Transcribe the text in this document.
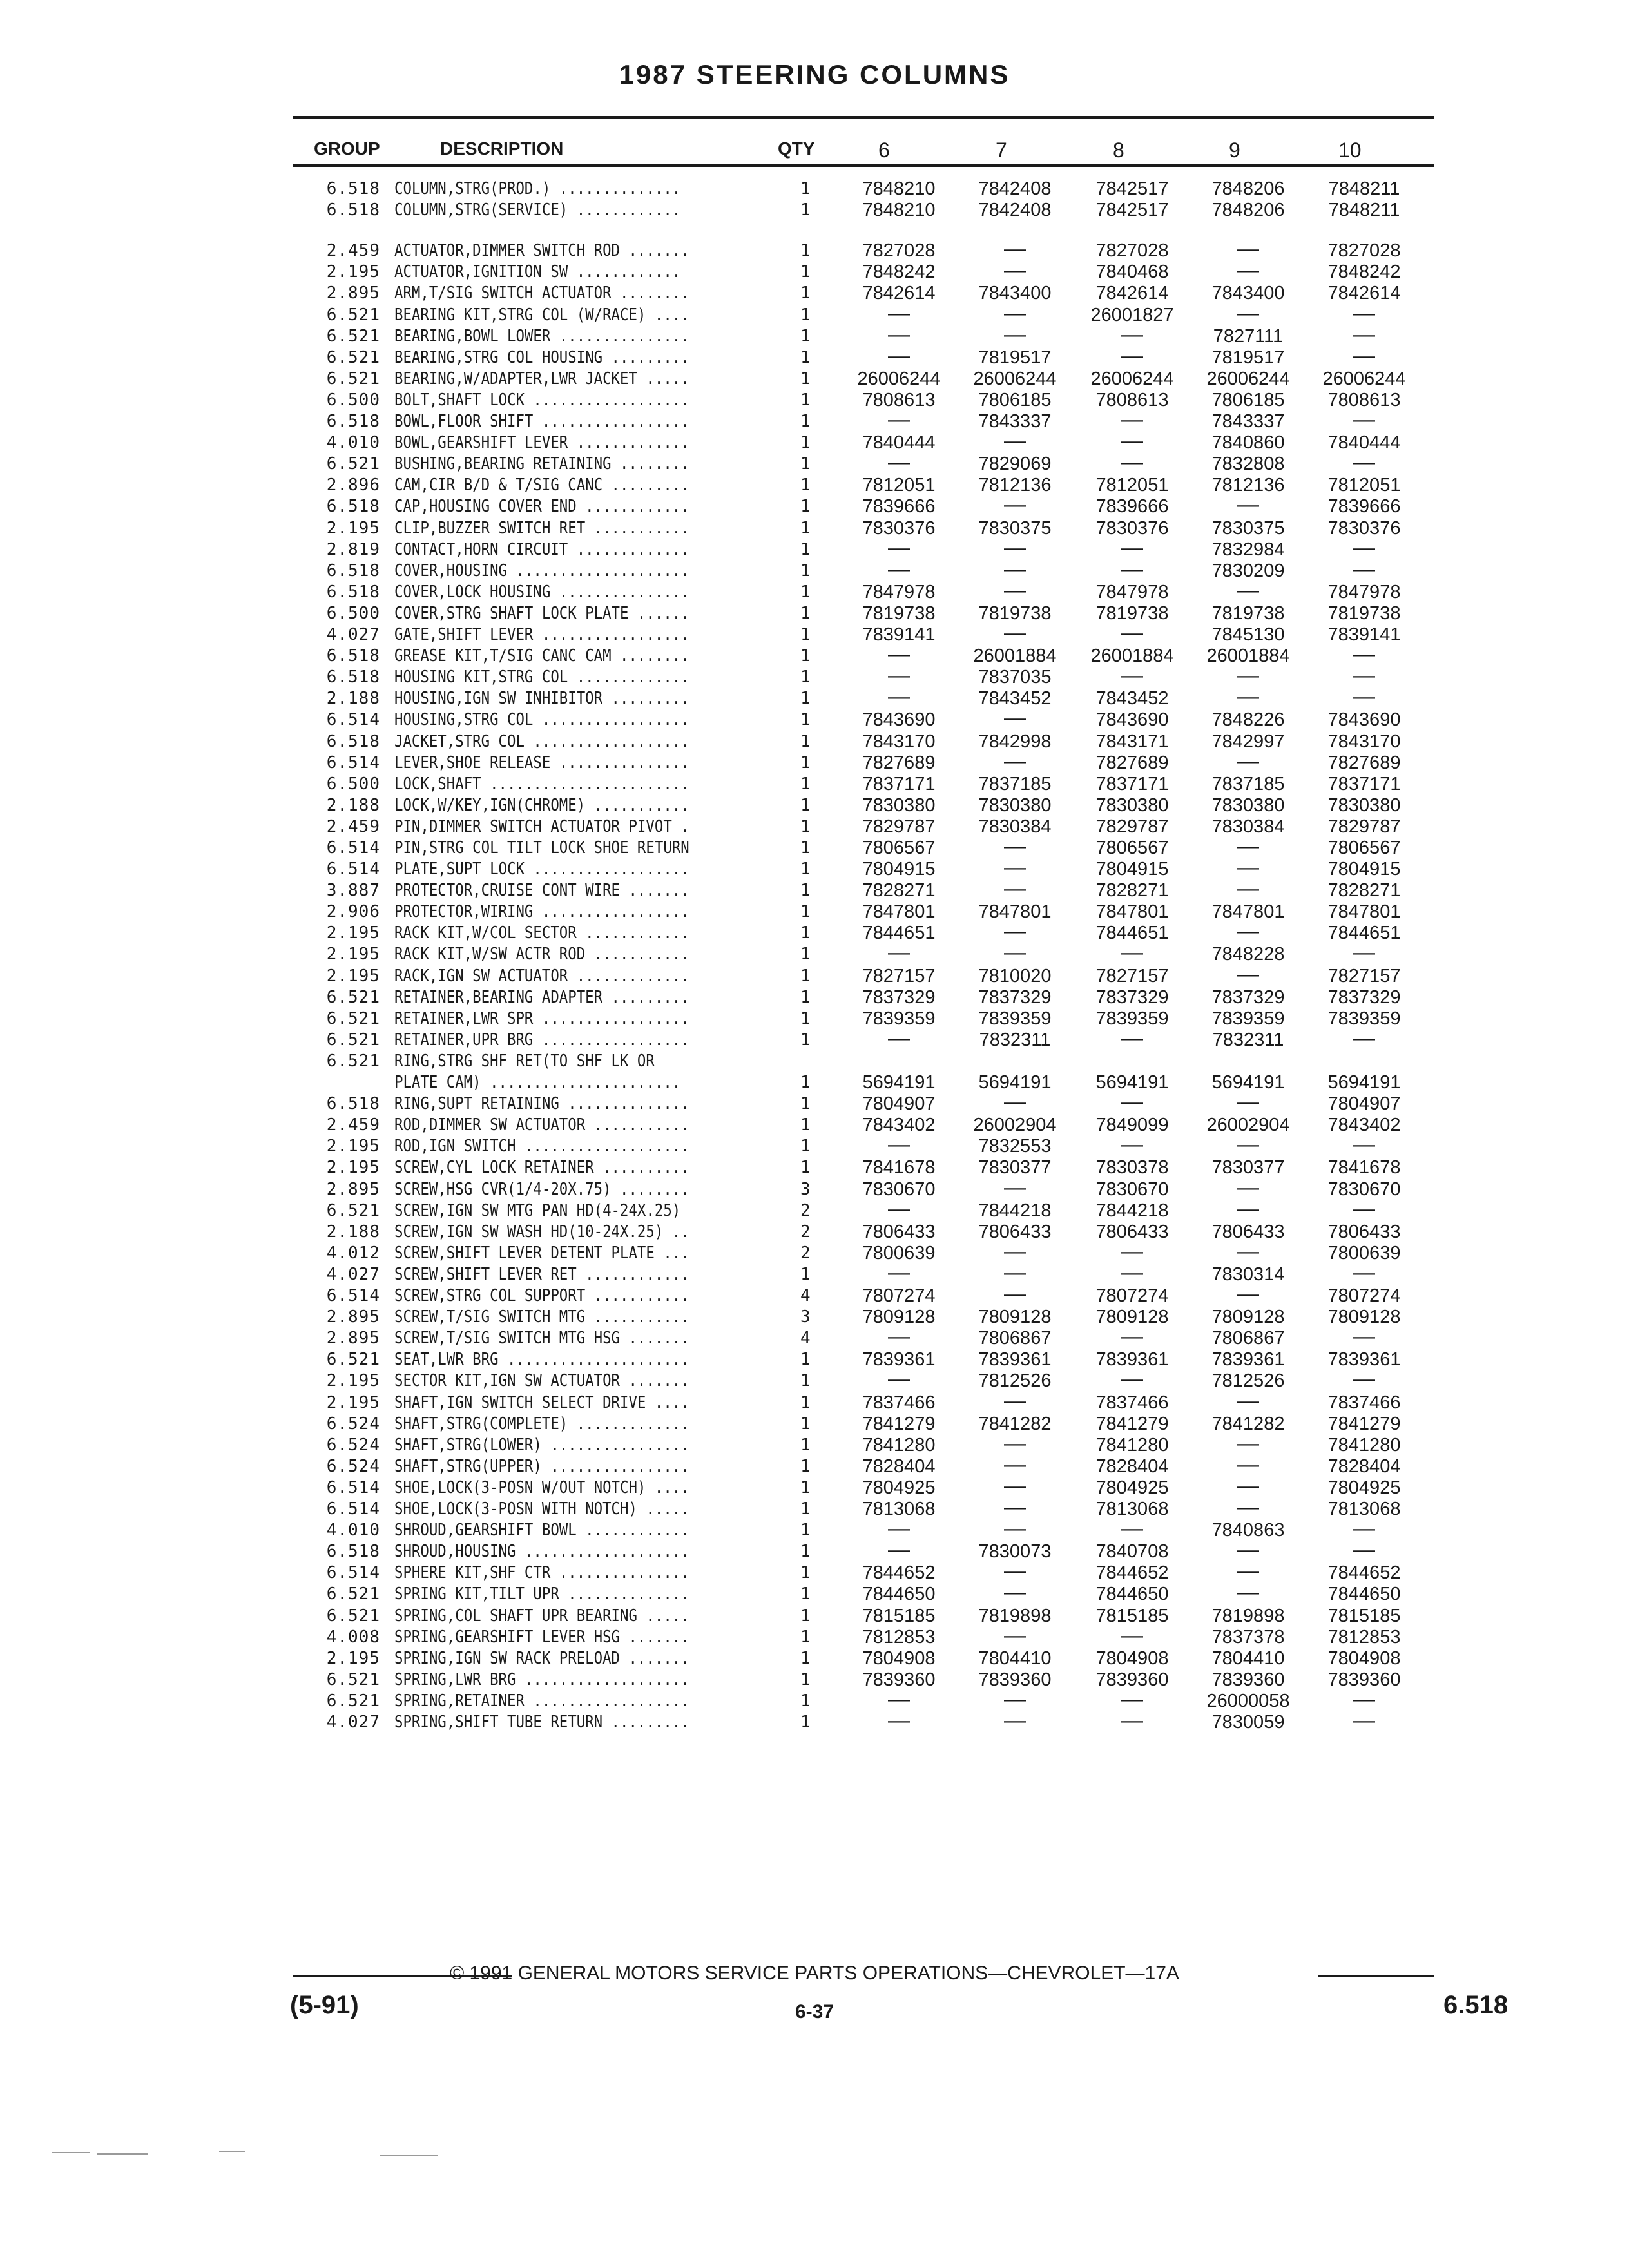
1987 STEERING COLUMNS
GROUP	DESCRIPTION	QTY	6	7	8	9	10
6.518 COLUMN,STRG(PROD.) ..............	1	7848210	7842408	7842517	7848206	7848211
6.518 COLUMN,STRG(SERVICE) ............	1	7848210	7842408	7842517	7848206	7848211
2.459 ACTUATOR,DIMMER SWITCH ROD .......	1	7827028	—	7827028	—	7827028
2.195 ACTUATOR,IGNITION SW ............	1	7848242	—	7840468	—	7848242
2.895 ARM,T/SIG SWITCH ACTUATOR ........	1	7842614	7843400	7842614	7843400	7842614
6.521 BEARING KIT,STRG COL (W/RACE) ....	1	—	—	26001827	—	—
6.521 BEARING,BOWL LOWER ...............	1	—	—	—	7827111	—
6.521 BEARING,STRG COL HOUSING .........	1	—	7819517	—	7819517	—
6.521 BEARING,W/ADAPTER,LWR JACKET .....	1	26006244	26006244	26006244	26006244	26006244
6.500 BOLT,SHAFT LOCK ..................	1	7808613	7806185	7808613	7806185	7808613
6.518 BOWL,FLOOR SHIFT .................	1	—	7843337	—	7843337	—
4.010 BOWL,GEARSHIFT LEVER .............	1	7840444	—	—	7840860	7840444
6.521 BUSHING,BEARING RETAINING ........	1	—	7829069	—	7832808	—
2.896 CAM,CIR B/D & T/SIG CANC .........	1	7812051	7812136	7812051	7812136	7812051
6.518 CAP,HOUSING COVER END ............	1	7839666	—	7839666	—	7839666
2.195 CLIP,BUZZER SWITCH RET ...........	1	7830376	7830375	7830376	7830375	7830376
2.819 CONTACT,HORN CIRCUIT .............	1	—	—	—	7832984	—
6.518 COVER,HOUSING ....................	1	—	—	—	7830209	—
6.518 COVER,LOCK HOUSING ...............	1	7847978	—	7847978	—	7847978
6.500 COVER,STRG SHAFT LOCK PLATE ......	1	7819738	7819738	7819738	7819738	7819738
4.027 GATE,SHIFT LEVER .................	1	7839141	—	—	7845130	7839141
6.518 GREASE KIT,T/SIG CANC CAM ........	1	—	26001884	26001884	26001884	—
6.518 HOUSING KIT,STRG COL .............	1	—	7837035	—	—	—
2.188 HOUSING,IGN SW INHIBITOR .........	1	—	7843452	7843452	—	—
6.514 HOUSING,STRG COL .................	1	7843690	—	7843690	7848226	7843690
6.518 JACKET,STRG COL ..................	1	7843170	7842998	7843171	7842997	7843170
6.514 LEVER,SHOE RELEASE ...............	1	7827689	—	7827689	—	7827689
6.500 LOCK,SHAFT .......................	1	7837171	7837185	7837171	7837185	7837171
2.188 LOCK,W/KEY,IGN(CHROME) ...........	1	7830380	7830380	7830380	7830380	7830380
2.459 PIN,DIMMER SWITCH ACTUATOR PIVOT .	1	7829787	7830384	7829787	7830384	7829787
6.514 PIN,STRG COL TILT LOCK SHOE RETURN	1	7806567	—	7806567	—	7806567
6.514 PLATE,SUPT LOCK ..................	1	7804915	—	7804915	—	7804915
3.887 PROTECTOR,CRUISE CONT WIRE .......	1	7828271	—	7828271	—	7828271
2.906 PROTECTOR,WIRING .................	1	7847801	7847801	7847801	7847801	7847801
2.195 RACK KIT,W/COL SECTOR ............	1	7844651	—	7844651	—	7844651
2.195 RACK KIT,W/SW ACTR ROD ...........	1	—	—	—	7848228	—
2.195 RACK,IGN SW ACTUATOR .............	1	7827157	7810020	7827157	—	7827157
6.521 RETAINER,BEARING ADAPTER .........	1	7837329	7837329	7837329	7837329	7837329
6.521 RETAINER,LWR SPR .................	1	7839359	7839359	7839359	7839359	7839359
6.521 RETAINER,UPR BRG .................	1	—	7832311	—	7832311	—
6.521 RING,STRG SHF RET(TO SHF LK OR
PLATE CAM) ......................	1	5694191	5694191	5694191	5694191	5694191
6.518 RING,SUPT RETAINING ..............	1	7804907	—	—	—	7804907
2.459 ROD,DIMMER SW ACTUATOR ...........	1	7843402	26002904	7849099	26002904	7843402
2.195 ROD,IGN SWITCH ...................	1	—	7832553	—	—	—
2.195 SCREW,CYL LOCK RETAINER ..........	1	7841678	7830377	7830378	7830377	7841678
2.895 SCREW,HSG CVR(1/4-20X.75) ........	3	7830670	—	7830670	—	7830670
6.521 SCREW,IGN SW MTG PAN HD(4-24X.25)	2	—	7844218	7844218	—	—
2.188 SCREW,IGN SW WASH HD(10-24X.25) ..	2	7806433	7806433	7806433	7806433	7806433
4.012 SCREW,SHIFT LEVER DETENT PLATE ...	2	7800639	—	—	—	7800639
4.027 SCREW,SHIFT LEVER RET ............	1	—	—	—	7830314	—
6.514 SCREW,STRG COL SUPPORT ...........	4	7807274	—	7807274	—	7807274
2.895 SCREW,T/SIG SWITCH MTG ...........	3	7809128	7809128	7809128	7809128	7809128
2.895 SCREW,T/SIG SWITCH MTG HSG .......	4	—	7806867	—	7806867	—
6.521 SEAT,LWR BRG .....................	1	7839361	7839361	7839361	7839361	7839361
2.195 SECTOR KIT,IGN SW ACTUATOR .......	1	—	7812526	—	7812526	—
2.195 SHAFT,IGN SWITCH SELECT DRIVE ....	1	7837466	—	7837466	—	7837466
6.524 SHAFT,STRG(COMPLETE) .............	1	7841279	7841282	7841279	7841282	7841279
6.524 SHAFT,STRG(LOWER) ................	1	7841280	—	7841280	—	7841280
6.524 SHAFT,STRG(UPPER) ................	1	7828404	—	7828404	—	7828404
6.514 SHOE,LOCK(3-POSN W/OUT NOTCH) ....	1	7804925	—	7804925	—	7804925
6.514 SHOE,LOCK(3-POSN WITH NOTCH) .....	1	7813068	—	7813068	—	7813068
4.010 SHROUD,GEARSHIFT BOWL ............	1	—	—	—	7840863	—
6.518 SHROUD,HOUSING ...................	1	—	7830073	7840708	—	—
6.514 SPHERE KIT,SHF CTR ...............	1	7844652	—	7844652	—	7844652
6.521 SPRING KIT,TILT UPR ..............	1	7844650	—	7844650	—	7844650
6.521 SPRING,COL SHAFT UPR BEARING .....	1	7815185	7819898	7815185	7819898	7815185
4.008 SPRING,GEARSHIFT LEVER HSG .......	1	7812853	—	—	7837378	7812853
2.195 SPRING,IGN SW RACK PRELOAD .......	1	7804908	7804410	7804908	7804410	7804908
6.521 SPRING,LWR BRG ...................	1	7839360	7839360	7839360	7839360	7839360
6.521 SPRING,RETAINER ..................	1	—	—	—	26000058	—
4.027 SPRING,SHIFT TUBE RETURN .........	1	—	—	—	7830059	—
© 1991 GENERAL MOTORS SERVICE PARTS OPERATIONS—CHEVROLET—17A
6-37
(5-91)	6.518
